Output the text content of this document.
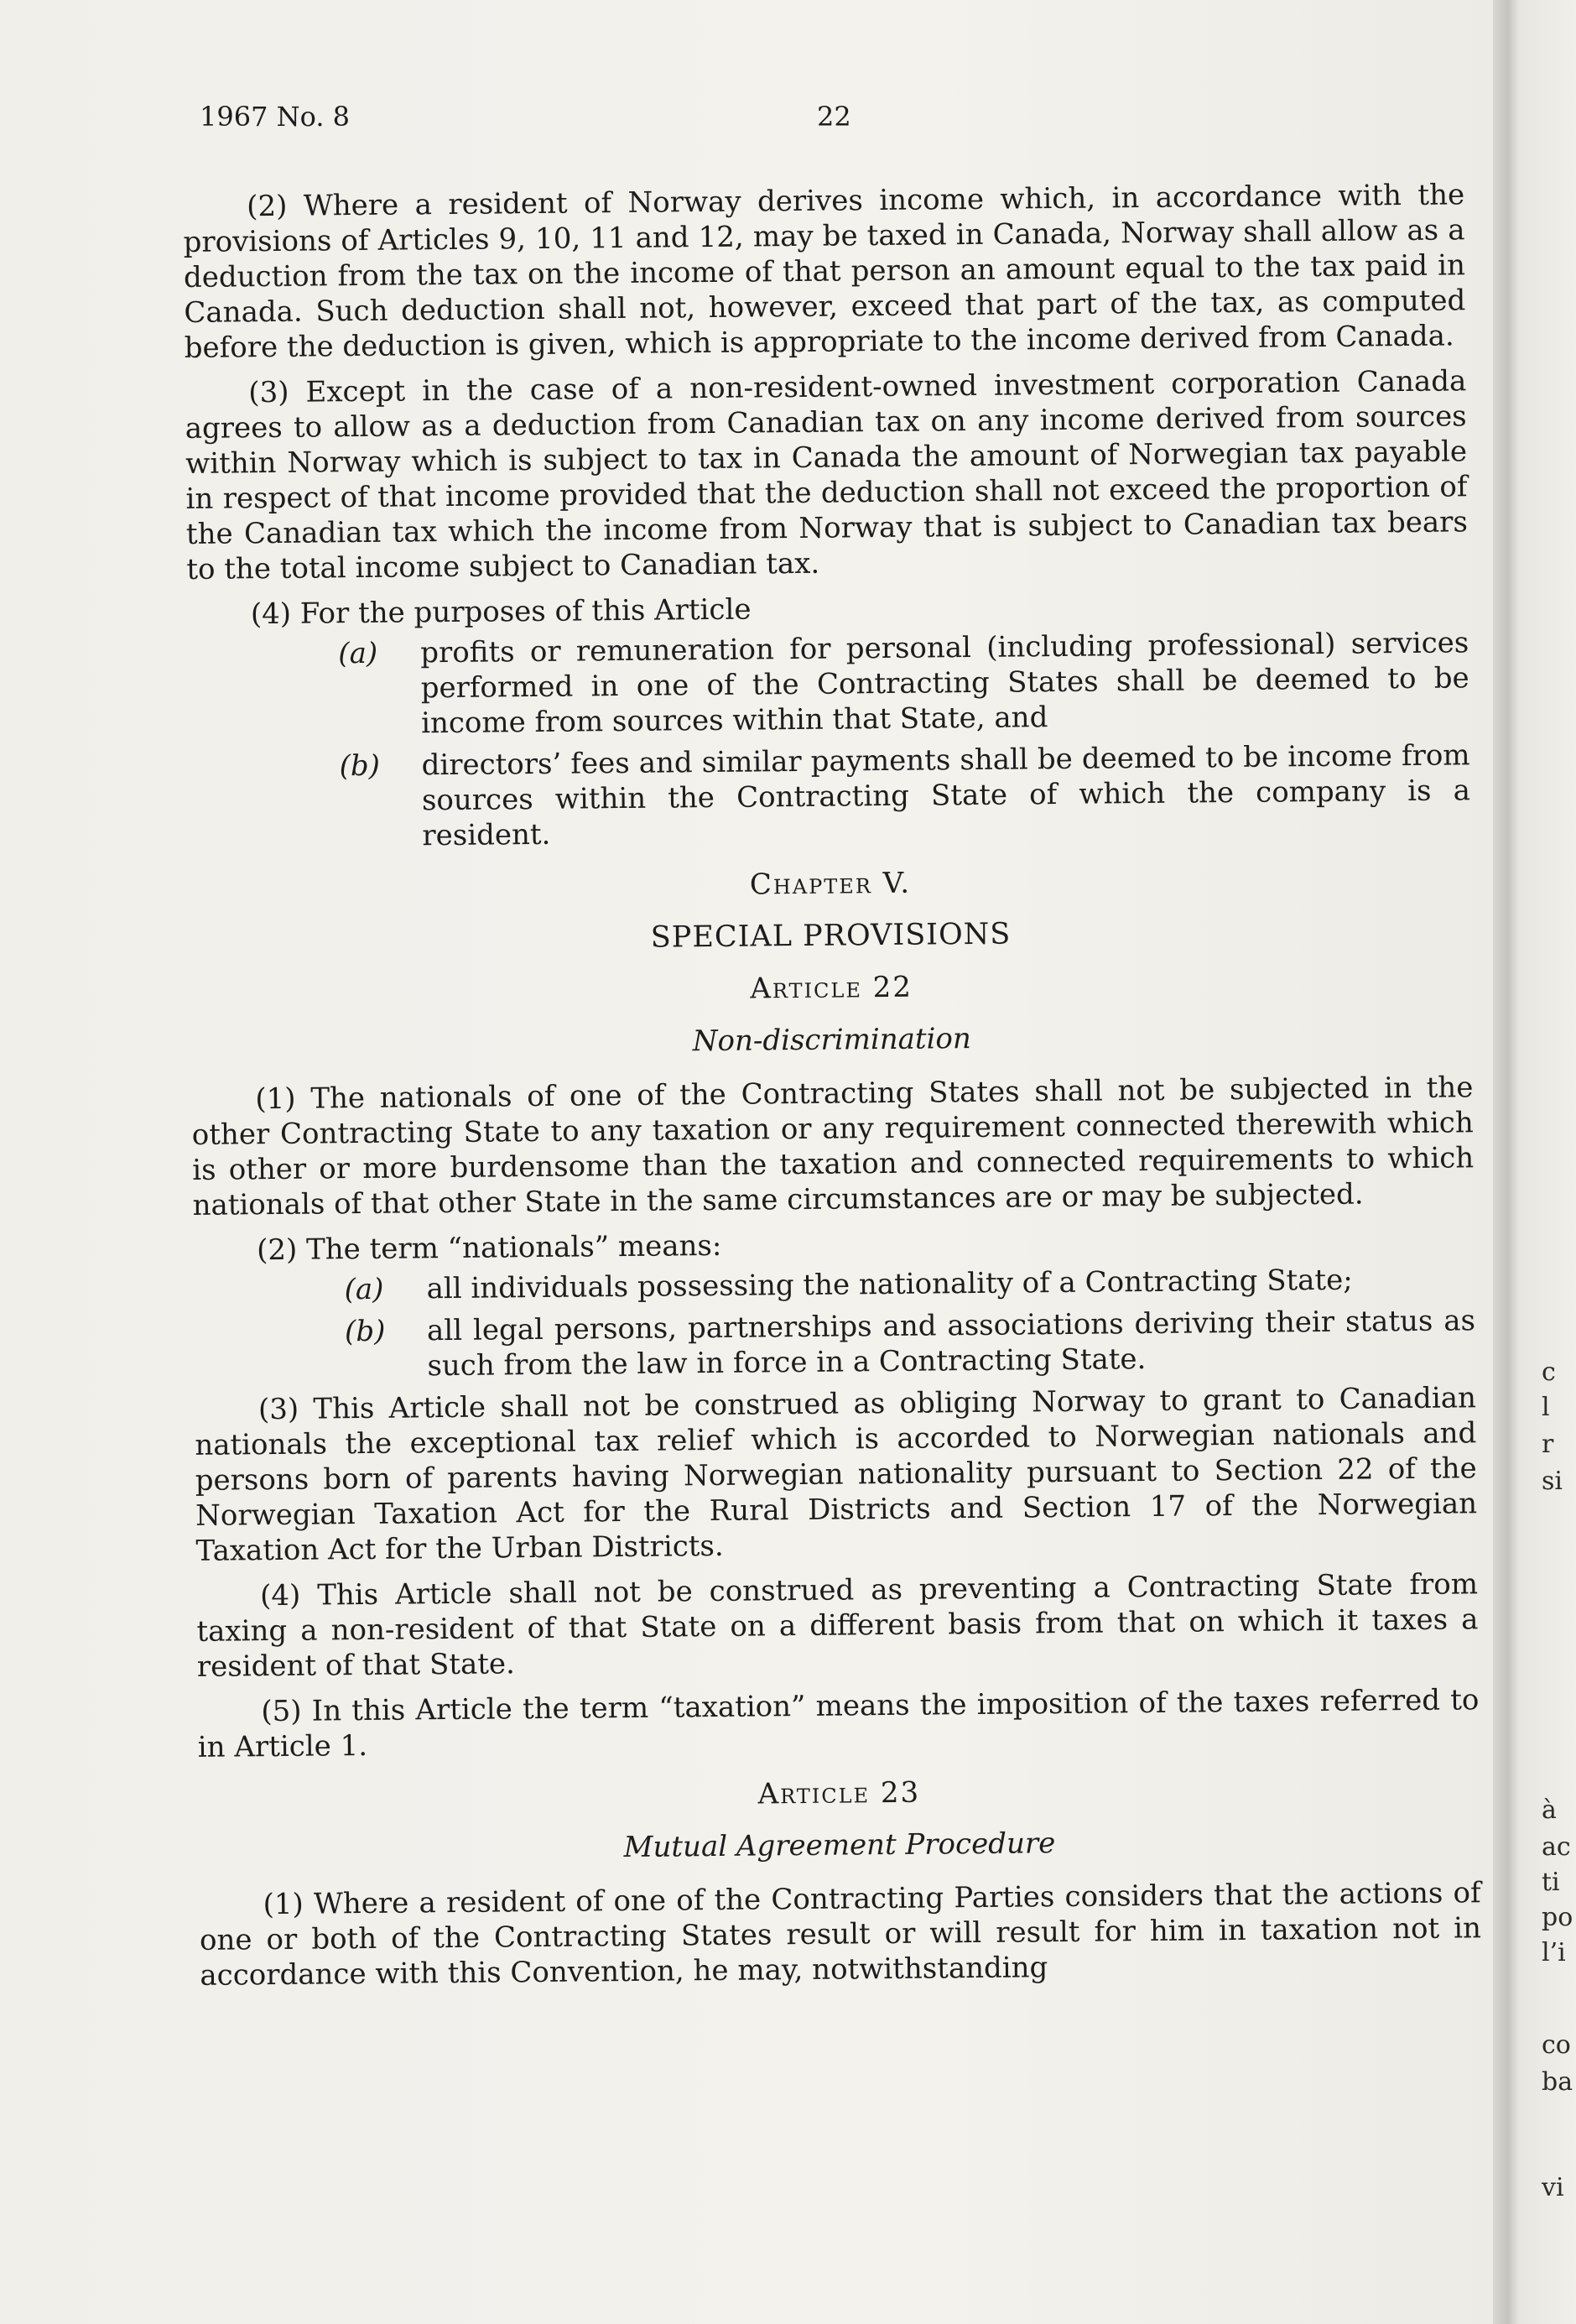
1967 No. 8	22

(2) Where a resident of Norway derives income which, in accordance with the provisions of Articles 9, 10, 11 and 12, may be taxed in Canada, Norway shall allow as a deduction from the tax on the income of that person an amount equal to the tax paid in Canada. Such deduction shall not, however, exceed that part of the tax, as computed before the deduction is given, which is appropriate to the income derived from Canada.

(3) Except in the case of a non-resident-owned investment corporation Canada agrees to allow as a deduction from Canadian tax on any income derived from sources within Norway which is subject to tax in Canada the amount of Norwegian tax payable in respect of that income provided that the deduction shall not exceed the proportion of the Canadian tax which the income from Norway that is subject to Canadian tax bears to the total income subject to Canadian tax.

(4) For the purposes of this Article

(a)	profits or remuneration for personal (including professional) services performed in one of the Contracting States shall be deemed to be income from sources within that State, and
(b)	directors’ fees and similar payments shall be deemed to be income from sources within the Contracting State of which the company is a resident.

Chapter V.

SPECIAL PROVISIONS

Article 22

Non-discrimination

(1) The nationals of one of the Contracting States shall not be subjected in the other Contracting State to any taxation or any requirement connected therewith which is other or more burdensome than the taxation and connected requirements to which nationals of that other State in the same circumstances are or may be subjected.

(2) The term “nationals” means:

(a)	all individuals possessing the nationality of a Contracting State;
(b)	all legal persons, partnerships and associations deriving their status as such from the law in force in a Contracting State.

(3) This Article shall not be construed as obliging Norway to grant to Canadian nationals the exceptional tax relief which is accorded to Norwegian nationals and persons born of parents having Norwegian nationality pursuant to Section 22 of the Norwegian Taxation Act for the Rural Districts and Section 17 of the Norwegian Taxation Act for the Urban Districts.

(4) This Article shall not be construed as preventing a Contracting State from taxing a non-resident of that State on a different basis from that on which it taxes a resident of that State.

(5) In this Article the term “taxation” means the imposition of the taxes referred to in Article 1.

Article 23

Mutual Agreement Procedure

(1) Where a resident of one of the Contracting Parties considers that the actions of one or both of the Contracting States result or will result for him in taxation not in accordance with this Convention, he may, notwithstanding

c
l
r
si
à
ac
ti
po
l’i
co
ba
vi
